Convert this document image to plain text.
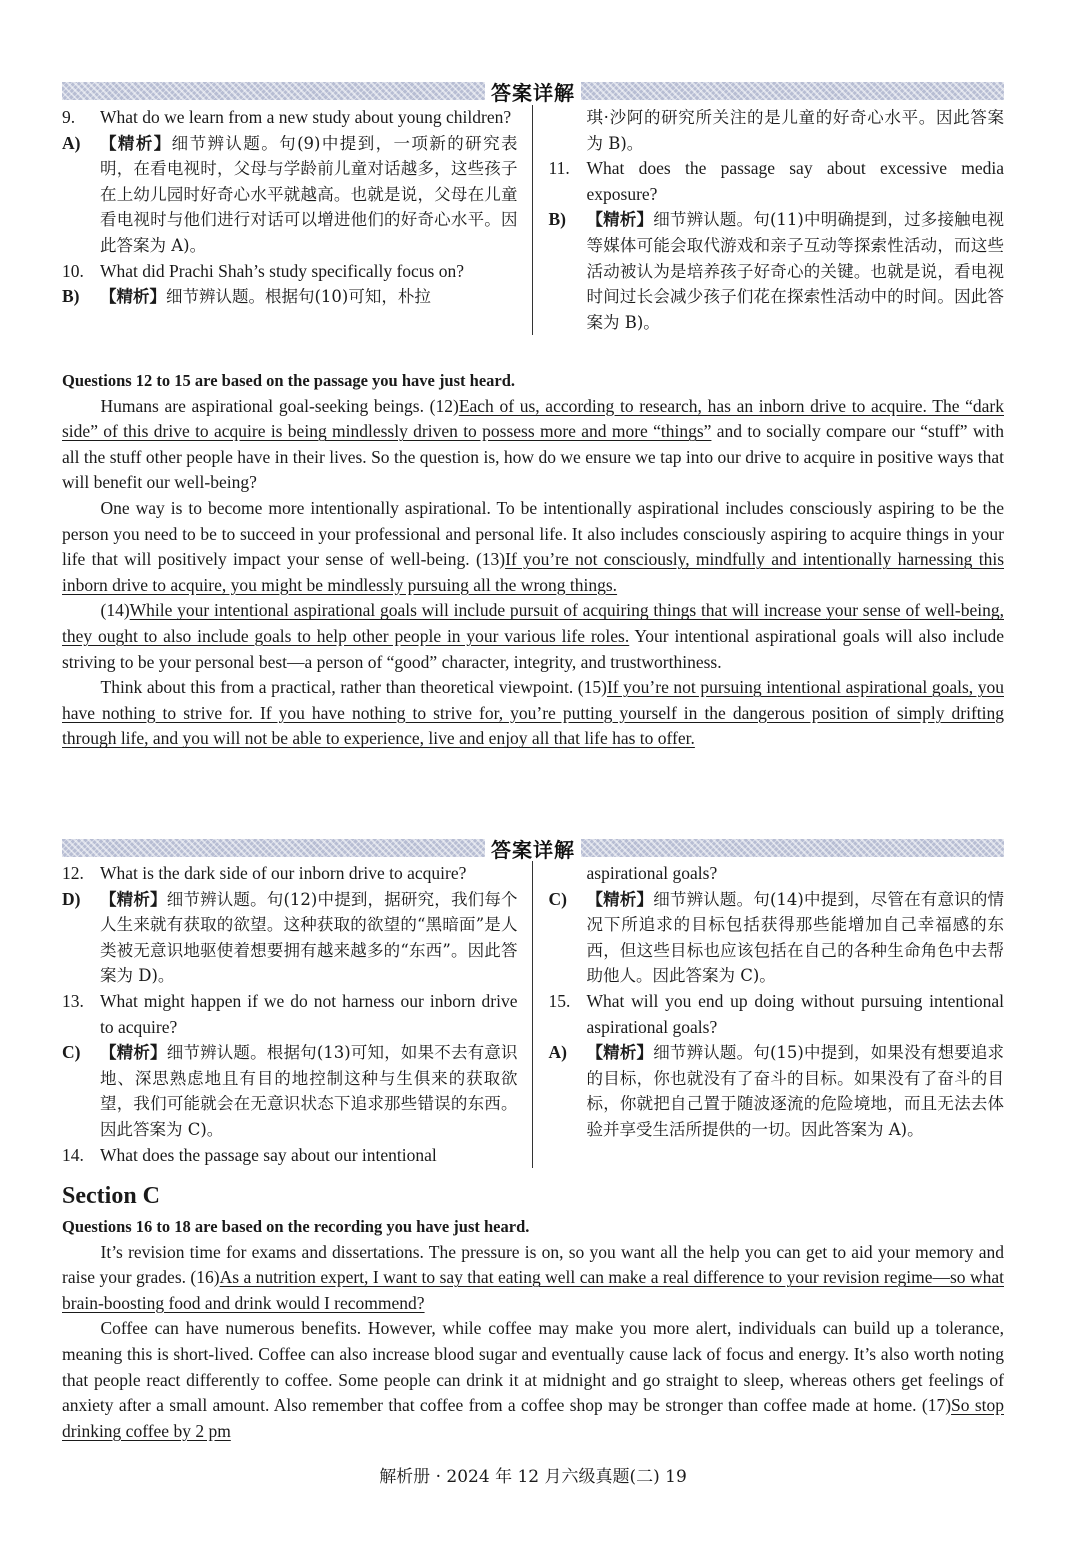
答案详解
9.	What do we learn from a new study about young children?
A)	【精析】细节辨认题。句(9)中提到，一项新的研究表明，在看电视时，父母与学龄前儿童对话越多，这些孩子在上幼儿园时好奇心水平就越高。也就是说，父母在儿童看电视时与他们进行对话可以增进他们的好奇心水平。因此答案为 A)。
10. What did Prachi Shah’s study specifically focus on?
B)	【精析】细节辨认题。根据句(10)可知，朴拉
琪·沙阿的研究所关注的是儿童的好奇心水平。因此答案为 B)。
11. What does the passage say about excessive media exposure?
B)	【精析】细节辨认题。句(11)中明确提到，过多接触电视等媒体可能会取代游戏和亲子互动等探索性活动，而这些活动被认为是培养孩子好奇心的关键。也就是说，看电视时间过长会减少孩子们花在探索性活动中的时间。因此答案为 B)。
Questions 12 to 15 are based on the passage you have just heard.

Humans are aspirational goal-seeking beings. (12)Each of us, according to research, has an inborn drive to acquire. The “dark side” of this drive to acquire is being mindlessly driven to possess more and more “things” and to socially compare our “stuff” with all the stuff other people have in their lives. So the question is, how do we ensure we tap into our drive to acquire in positive ways that will benefit our well-being?

One way is to become more intentionally aspirational. To be intentionally aspirational includes consciously aspiring to be the person you need to be to succeed in your professional and personal life. It also includes consciously aspiring to acquire things in your life that will positively impact your sense of well-being. (13)If you’re not consciously, mindfully and intentionally harnessing this inborn drive to acquire, you might be mindlessly pursuing all the wrong things.

(14)While your intentional aspirational goals will include pursuit of acquiring things that will increase your sense of well-being, they ought to also include goals to help other people in your various life roles. Your intentional aspirational goals will also include striving to be your personal best—a person of “good” character, integrity, and trustworthiness.

Think about this from a practical, rather than theoretical viewpoint. (15)If you’re not pursuing intentional aspirational goals, you have nothing to strive for. If you have nothing to strive for, you’re putting yourself in the dangerous position of simply drifting through life, and you will not be able to experience, live and enjoy all that life has to offer.

答案详解
12. What is the dark side of our inborn drive to acquire?
D)	【精析】细节辨认题。句(12)中提到，据研究，我们每个人生来就有获取的欲望。这种获取的欲望的“黑暗面”是人类被无意识地驱使着想要拥有越来越多的“东西”。因此答案为 D)。
13. What might happen if we do not harness our inborn drive to acquire?
C)	【精析】细节辨认题。根据句(13)可知，如果不去有意识地、深思熟虑地且有目的地控制这种与生俱来的获取欲望，我们可能就会在无意识状态下追求那些错误的东西。因此答案为 C)。
14. What does the passage say about our intentional
aspirational goals?
C)	【精析】细节辨认题。句(14)中提到，尽管在有意识的情况下所追求的目标包括获得那些能增加自己幸福感的东西，但这些目标也应该包括在自己的各种生命角色中去帮助他人。因此答案为 C)。
15. What will you end up doing without pursuing intentional aspirational goals?
A)	【精析】细节辨认题。句(15)中提到，如果没有想要追求的目标，你也就没有了奋斗的目标。如果没有了奋斗的目标，你就把自己置于随波逐流的危险境地，而且无法去体验并享受生活所提供的一切。因此答案为 A)。
Section C
Questions 16 to 18 are based on the recording you have just heard.

It’s revision time for exams and dissertations. The pressure is on, so you want all the help you can get to aid your memory and raise your grades. (16)As a nutrition expert, I want to say that eating well can make a real difference to your revision regime—so what brain-boosting food and drink would I recommend?

Coffee can have numerous benefits. However, while coffee may make you more alert, individuals can build up a tolerance, meaning this is short-lived. Coffee can also increase blood sugar and eventually cause lack of focus and energy. It’s also worth noting that people react differently to coffee. Some people can drink it at midnight and go straight to sleep, whereas others get feelings of anxiety after a small amount. Also remember that coffee from a coffee shop may be stronger than coffee made at home. (17)So stop drinking coffee by 2 pm

解析册 · 2024 年 12 月六级真题(二) 19
